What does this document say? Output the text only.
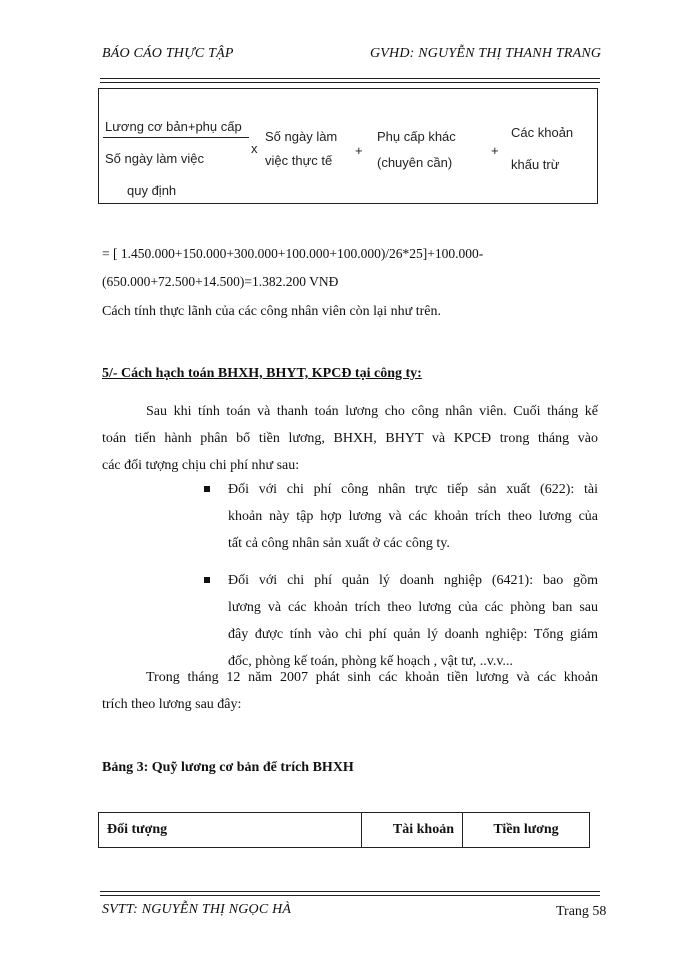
BÁO CÁO THỰC TẬP	GVHD: NGUYỄN THỊ THANH TRANG
Lương cơ bản+phụ cấp
Số ngày làm việc
quy định
x
Số ngày làm
việc thực tế
+
Phụ cấp khác
(chuyên cần)
+
Các khoản
khấu trừ
= [ 1.450.000+150.000+300.000+100.000+100.000)/26*25]+100.000-
(650.000+72.500+14.500)=1.382.200 VNĐ
Cách tính thực lãnh của các công nhân viên còn lại như trên.
5/- Cách hạch toán BHXH, BHYT, KPCĐ tại công ty:
Sau khi tính toán và thanh toán lương cho công nhân viên. Cuối tháng kế
toán tiến hành phân bổ tiền lương, BHXH, BHYT và KPCĐ trong tháng vào
các đối tượng chịu chi phí như sau:
Đối với chi phí công nhân trực tiếp sản xuất (622): tài
khoản này tập hợp lương và các khoản trích theo lương của
tất cả công nhân sản xuất ở các công ty.
Đối với chi phí quản lý doanh nghiệp (6421): bao gồm
lương và các khoản trích theo lương của các phòng ban sau
đây được tính vào chi phí quản lý doanh nghiệp: Tổng giám
đốc, phòng kế toán, phòng kế hoạch , vật tư, ..v.v...
Trong tháng 12 năm 2007 phát sinh các khoản tiền lương và các khoản
trích theo lương sau đây:
Bảng 3: Quỹ lương cơ bản để trích BHXH
Đối tượng	Tài khoản	Tiền lương
SVTT: NGUYỄN THỊ NGỌC HÀ	Trang 58
